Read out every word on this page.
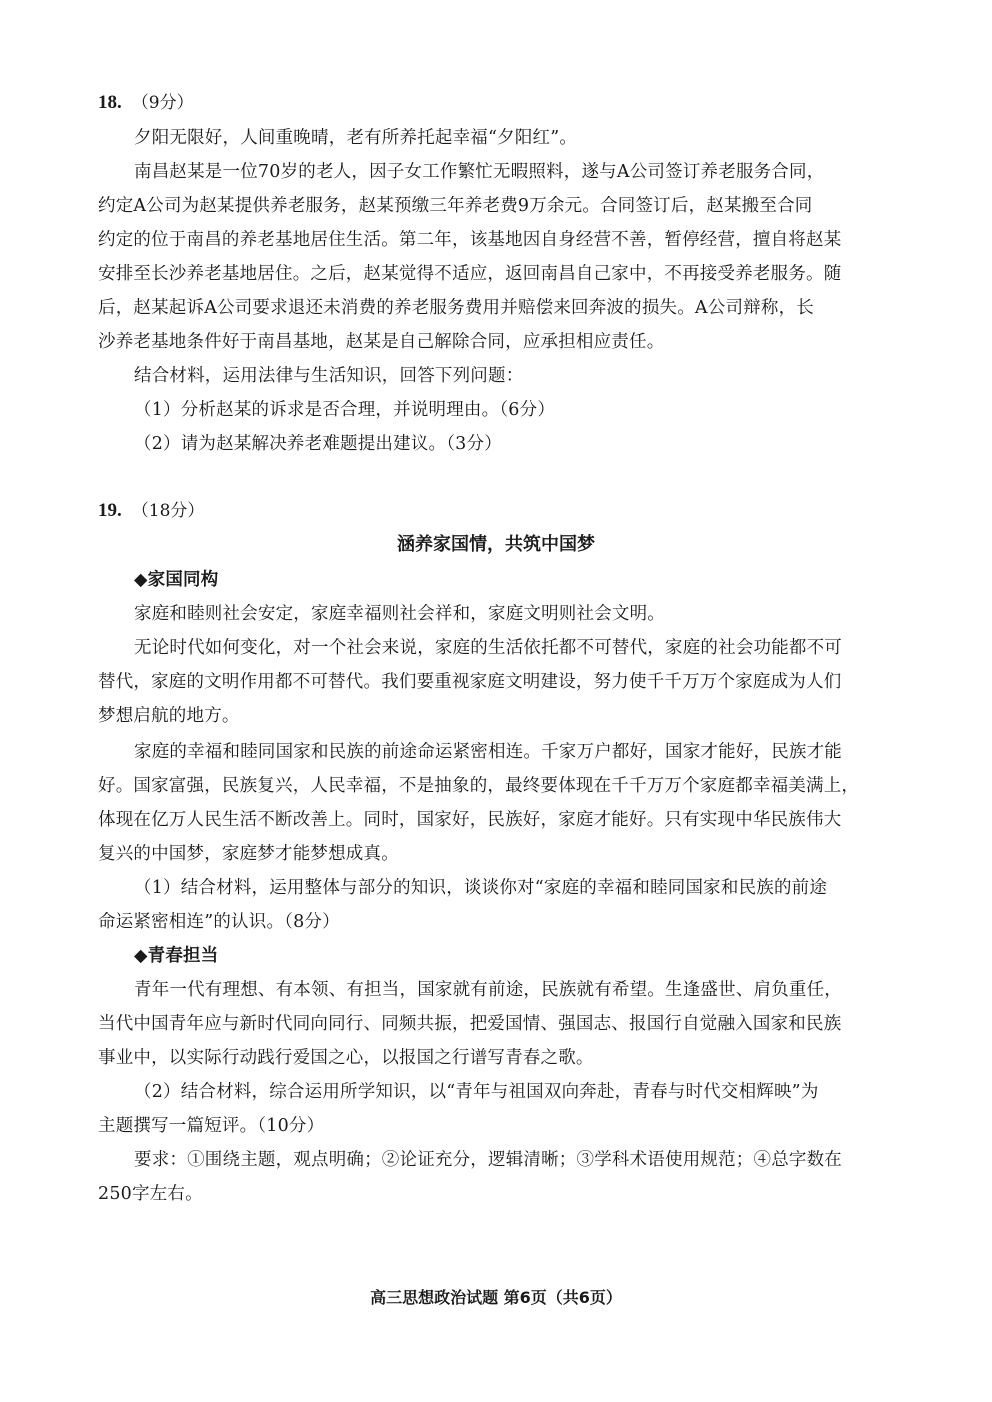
18. （9分）
夕阳无限好，人间重晚晴，老有所养托起幸福“夕阳红”。
南昌赵某是一位70岁的老人，因子女工作繁忙无暇照料，遂与A公司签订养老服务合同，
约定A公司为赵某提供养老服务，赵某预缴三年养老费9万余元。合同签订后，赵某搬至合同
约定的位于南昌的养老基地居住生活。第二年，该基地因自身经营不善，暂停经营，擅自将赵某
安排至长沙养老基地居住。之后，赵某觉得不适应，返回南昌自己家中，不再接受养老服务。随
后，赵某起诉A公司要求退还未消费的养老服务费用并赔偿来回奔波的损失。A公司辩称，长
沙养老基地条件好于南昌基地，赵某是自己解除合同，应承担相应责任。
结合材料，运用法律与生活知识，回答下列问题：
（1）分析赵某的诉求是否合理，并说明理由。（6分）
（2）请为赵某解决养老难题提出建议。（3分）
19. （18分）
涵养家国情，共筑中国梦
◆家国同构
家庭和睦则社会安定，家庭幸福则社会祥和，家庭文明则社会文明。
无论时代如何变化，对一个社会来说，家庭的生活依托都不可替代，家庭的社会功能都不可
替代，家庭的文明作用都不可替代。我们要重视家庭文明建设，努力使千千万万个家庭成为人们
梦想启航的地方。
家庭的幸福和睦同国家和民族的前途命运紧密相连。千家万户都好，国家才能好，民族才能
好。国家富强，民族复兴，人民幸福，不是抽象的，最终要体现在千千万万个家庭都幸福美满上，
体现在亿万人民生活不断改善上。同时，国家好，民族好，家庭才能好。只有实现中华民族伟大
复兴的中国梦，家庭梦才能梦想成真。
（1）结合材料，运用整体与部分的知识，谈谈你对“家庭的幸福和睦同国家和民族的前途
命运紧密相连”的认识。（8分）
◆青春担当
青年一代有理想、有本领、有担当，国家就有前途，民族就有希望。生逢盛世、肩负重任，
当代中国青年应与新时代同向同行、同频共振，把爱国情、强国志、报国行自觉融入国家和民族
事业中，以实际行动践行爱国之心，以报国之行谱写青春之歌。
（2）结合材料，综合运用所学知识，以“青年与祖国双向奔赴，青春与时代交相辉映”为
主题撰写一篇短评。（10分）
要求：①围绕主题，观点明确；②论证充分，逻辑清晰；③学科术语使用规范；④总字数在
250字左右。
高三思想政治试题 第6页（共6页）
